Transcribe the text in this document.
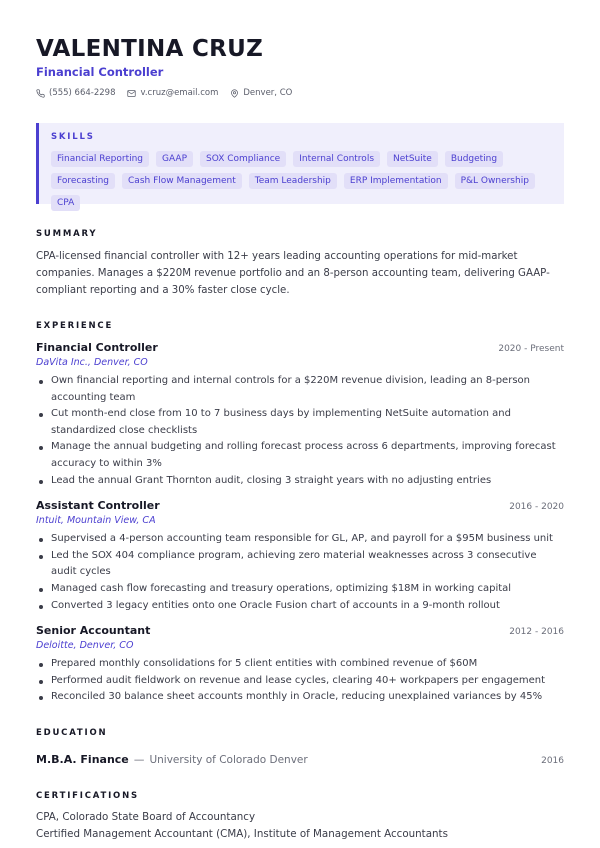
VALENTINA CRUZ
Financial Controller
(555) 664-2298	v.cruz@email.com	Denver, CO
SKILLS
Financial Reporting	GAAP	SOX Compliance	Internal Controls	NetSuite	Budgeting
Forecasting	Cash Flow Management	Team Leadership	ERP Implementation	P&L Ownership
CPA
SUMMARY

CPA-licensed financial controller with 12+ years leading accounting operations for mid-market companies. Manages a $220M revenue portfolio and an 8-person accounting team, delivering GAAP-compliant reporting and a 30% faster close cycle.

EXPERIENCE
Financial Controller	2020 - Present
DaVita Inc., Denver, CO
Own financial reporting and internal controls for a $220M revenue division, leading an 8-person accounting team
Cut month-end close from 10 to 7 business days by implementing NetSuite automation and standardized close checklists
Manage the annual budgeting and rolling forecast process across 6 departments, improving forecast accuracy to within 3%
Lead the annual Grant Thornton audit, closing 3 straight years with no adjusting entries
Assistant Controller	2016 - 2020
Intuit, Mountain View, CA
Supervised a 4-person accounting team responsible for GL, AP, and payroll for a $95M business unit
Led the SOX 404 compliance program, achieving zero material weaknesses across 3 consecutive audit cycles
Managed cash flow forecasting and treasury operations, optimizing $18M in working capital
Converted 3 legacy entities onto one Oracle Fusion chart of accounts in a 9-month rollout
Senior Accountant	2012 - 2016
Deloitte, Denver, CO
Prepared monthly consolidations for 5 client entities with combined revenue of $60M
Performed audit fieldwork on revenue and lease cycles, clearing 40+ workpapers per engagement
Reconciled 30 balance sheet accounts monthly in Oracle, reducing unexplained variances by 45%
EDUCATION
M.B.A. Finance — University of Colorado Denver	2016
CERTIFICATIONS
CPA, Colorado State Board of Accountancy
Certified Management Accountant (CMA), Institute of Management Accountants
